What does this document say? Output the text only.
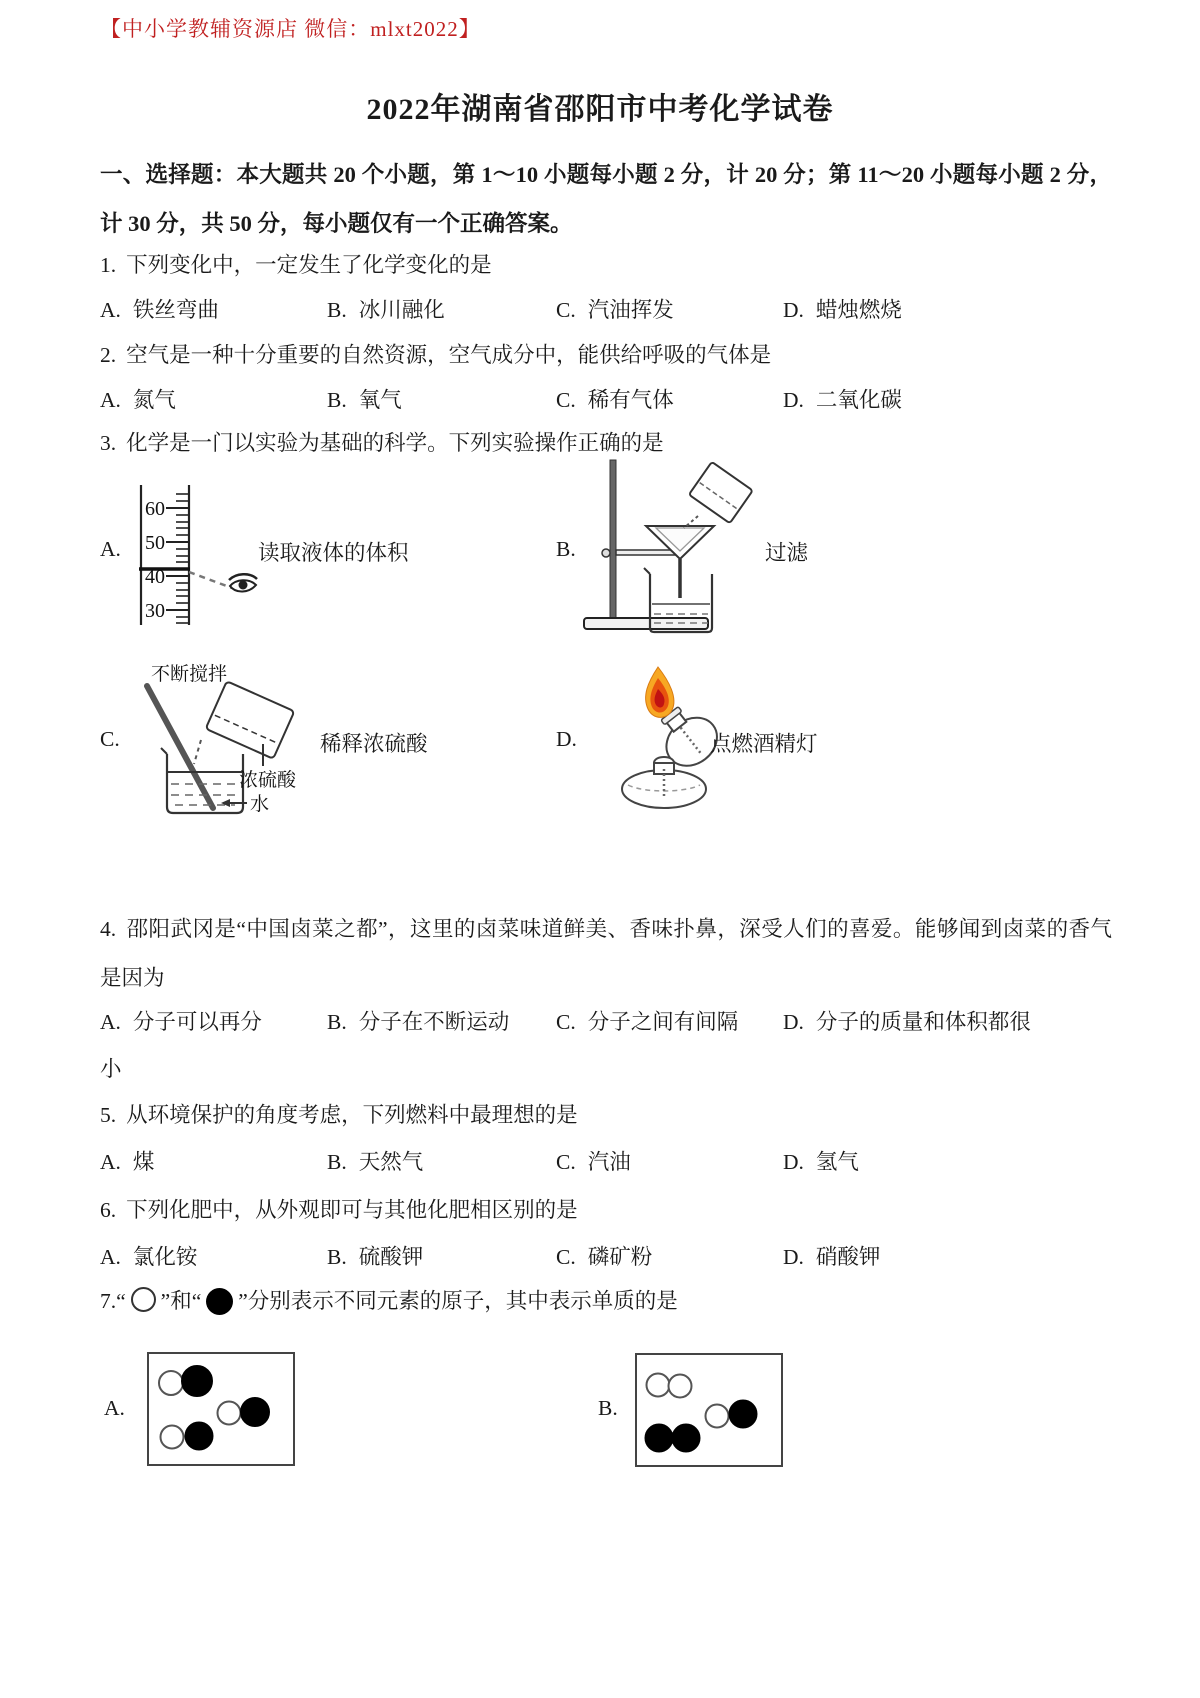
【中小学教辅资源店 微信：mlxt2022】
2022年湖南省邵阳市中考化学试卷
一、选择题：本大题共 20 个小题，第 1～10 小题每小题 2 分，计 20 分；第 11～20 小题每小题 2 分，计 30 分，共 50 分，每小题仅有一个正确答案。
1. 下列变化中，一定发生了化学变化的是
A. 铁丝弯曲	B. 冰川融化	C. 汽油挥发	D. 蜡烛燃烧
2. 空气是一种十分重要的自然资源，空气成分中，能供给呼吸的气体是
A. 氮气	B. 氧气	C. 稀有气体	D. 二氧化碳
3. 化学是一门以实验为基础的科学。下列实验操作正确的是
A.
60
50
40
30
读取液体的体积	B.	过滤
C.
不断搅拌
浓硫酸
水
稀释浓硫酸	D.	点燃酒精灯
4. 邵阳武冈是“中国卤菜之都”，这里的卤菜味道鲜美、香味扑鼻，深受人们的喜爱。能够闻到卤菜的香气是因为
A. 分子可以再分	B. 分子在不断运动	C. 分子之间有间隔	D. 分子的质量和体积都很
小
5. 从环境保护的角度考虑，下列燃料中最理想的是
A. 煤	B. 天然气	C. 汽油	D. 氢气
6. 下列化肥中，从外观即可与其他化肥相区别的是
A. 氯化铵	B. 硫酸钾	C. 磷矿粉	D. 硝酸钾
7.“ ”和“ ”分别表示不同元素的原子，其中表示单质的是
A.	B.
